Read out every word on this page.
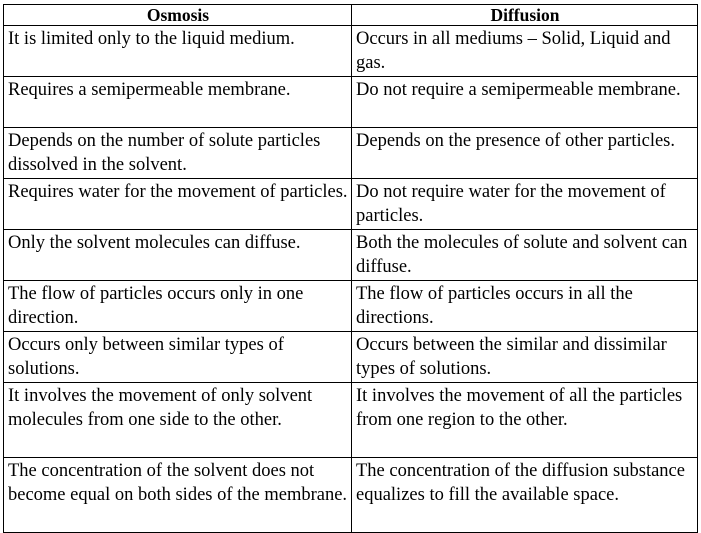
Osmosis	Diffusion
It is limited only to the liquid medium.	Occurs in all mediums – Solid, Liquid and gas.
Requires a semipermeable membrane.	Do not require a semipermeable membrane.
Depends on the number of solute particles dissolved in the solvent.	Depends on the presence of other particles.
Requires water for the movement of particles.	Do not require water for the movement of particles.
Only the solvent molecules can diffuse.	Both the molecules of solute and solvent can diffuse.
The flow of particles occurs only in one direction.	The flow of particles occurs in all the directions.
Occurs only between similar types of solutions.	Occurs between the similar and dissimilar types of solutions.
It involves the movement of only solvent molecules from one side to the other.	It involves the movement of all the particles from one region to the other.
The concentration of the solvent does not become equal on both sides of the membrane.	The concentration of the diffusion substance equalizes to fill the available space.
